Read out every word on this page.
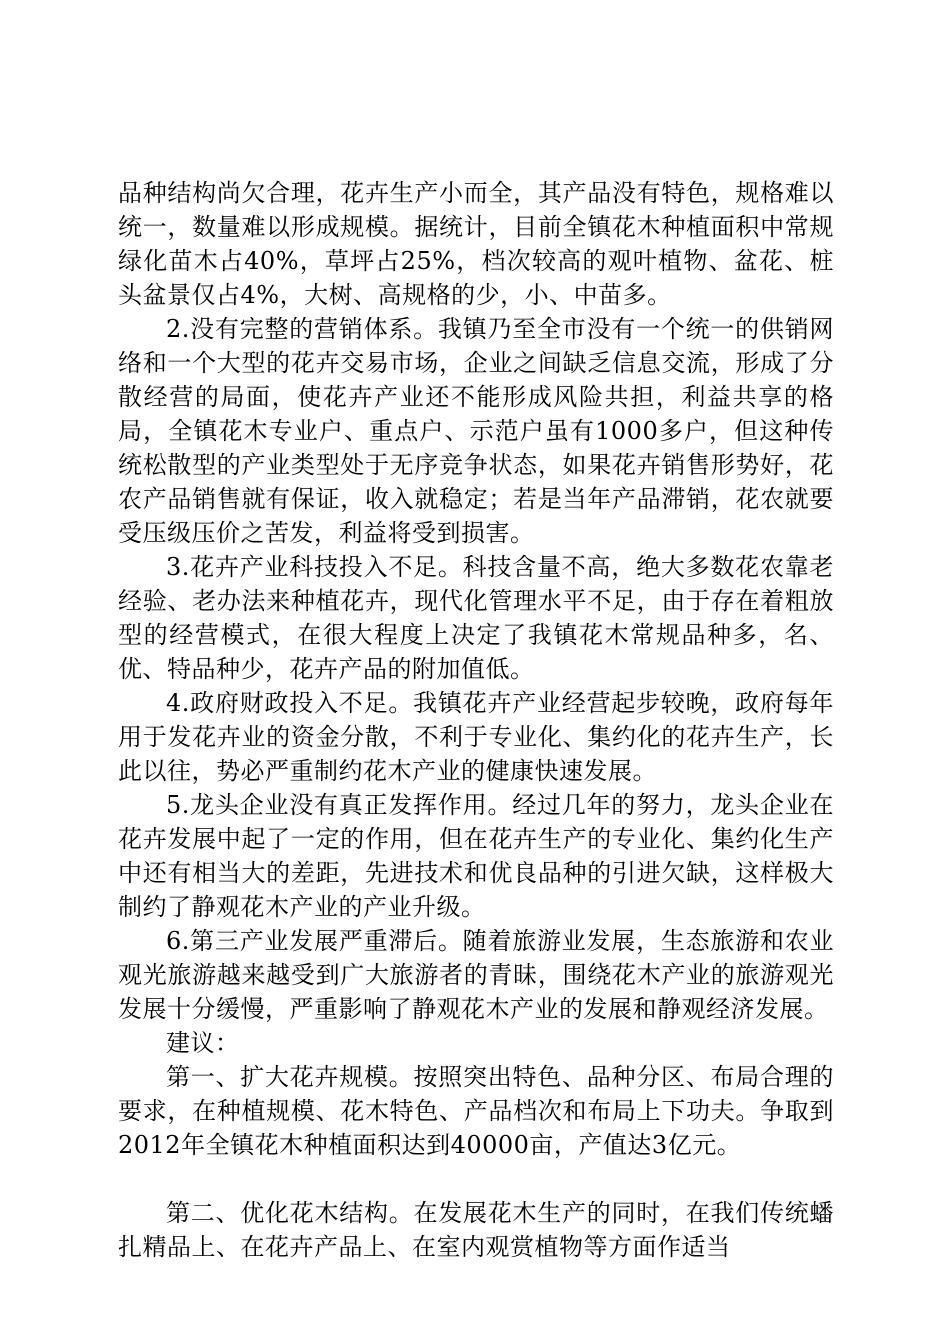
品种结构尚欠合理，花卉生产小而全，其产品没有特色，规格难以统一，数量难以形成规模。据统计，目前全镇花木种植面积中常规绿化苗木占40%，草坪占25%，档次较高的观叶植物、盆花、桩头盆景仅占4%，大树、高规格的少，小、中苗多。

2.没有完整的营销体系。我镇乃至全市没有一个统一的供销网络和一个大型的花卉交易市场，企业之间缺乏信息交流，形成了分散经营的局面，使花卉产业还不能形成风险共担，利益共享的格局，全镇花木专业户、重点户、示范户虽有1000多户，但这种传统松散型的产业类型处于无序竞争状态，如果花卉销售形势好，花农产品销售就有保证，收入就稳定；若是当年产品滞销，花农就要受压级压价之苦发，利益将受到损害。

3.花卉产业科技投入不足。科技含量不高，绝大多数花农靠老经验、老办法来种植花卉，现代化管理水平不足，由于存在着粗放型的经营模式，在很大程度上决定了我镇花木常规品种多，名、优、特品种少，花卉产品的附加值低。

4.政府财政投入不足。我镇花卉产业经营起步较晚，政府每年用于发花卉业的资金分散，不利于专业化、集约化的花卉生产，长此以往，势必严重制约花木产业的健康快速发展。

5.龙头企业没有真正发挥作用。经过几年的努力，龙头企业在花卉发展中起了一定的作用，但在花卉生产的专业化、集约化生产中还有相当大的差距，先进技术和优良品种的引进欠缺，这样极大制约了静观花木产业的产业升级。

6.第三产业发展严重滞后。随着旅游业发展，生态旅游和农业观光旅游越来越受到广大旅游者的青昧，围绕花木产业的旅游观光发展十分缓慢，严重影响了静观花木产业的发展和静观经济发展。

建议：

第一、扩大花卉规模。按照突出特色、品种分区、布局合理的要求，在种植规模、花木特色、产品档次和布局上下功夫。争取到2012年全镇花木种植面积达到40000亩，产值达3亿元。

第二、优化花木结构。在发展花木生产的同时，在我们传统蟠扎精品上、在花卉产品上、在室内观赏植物等方面作适当
